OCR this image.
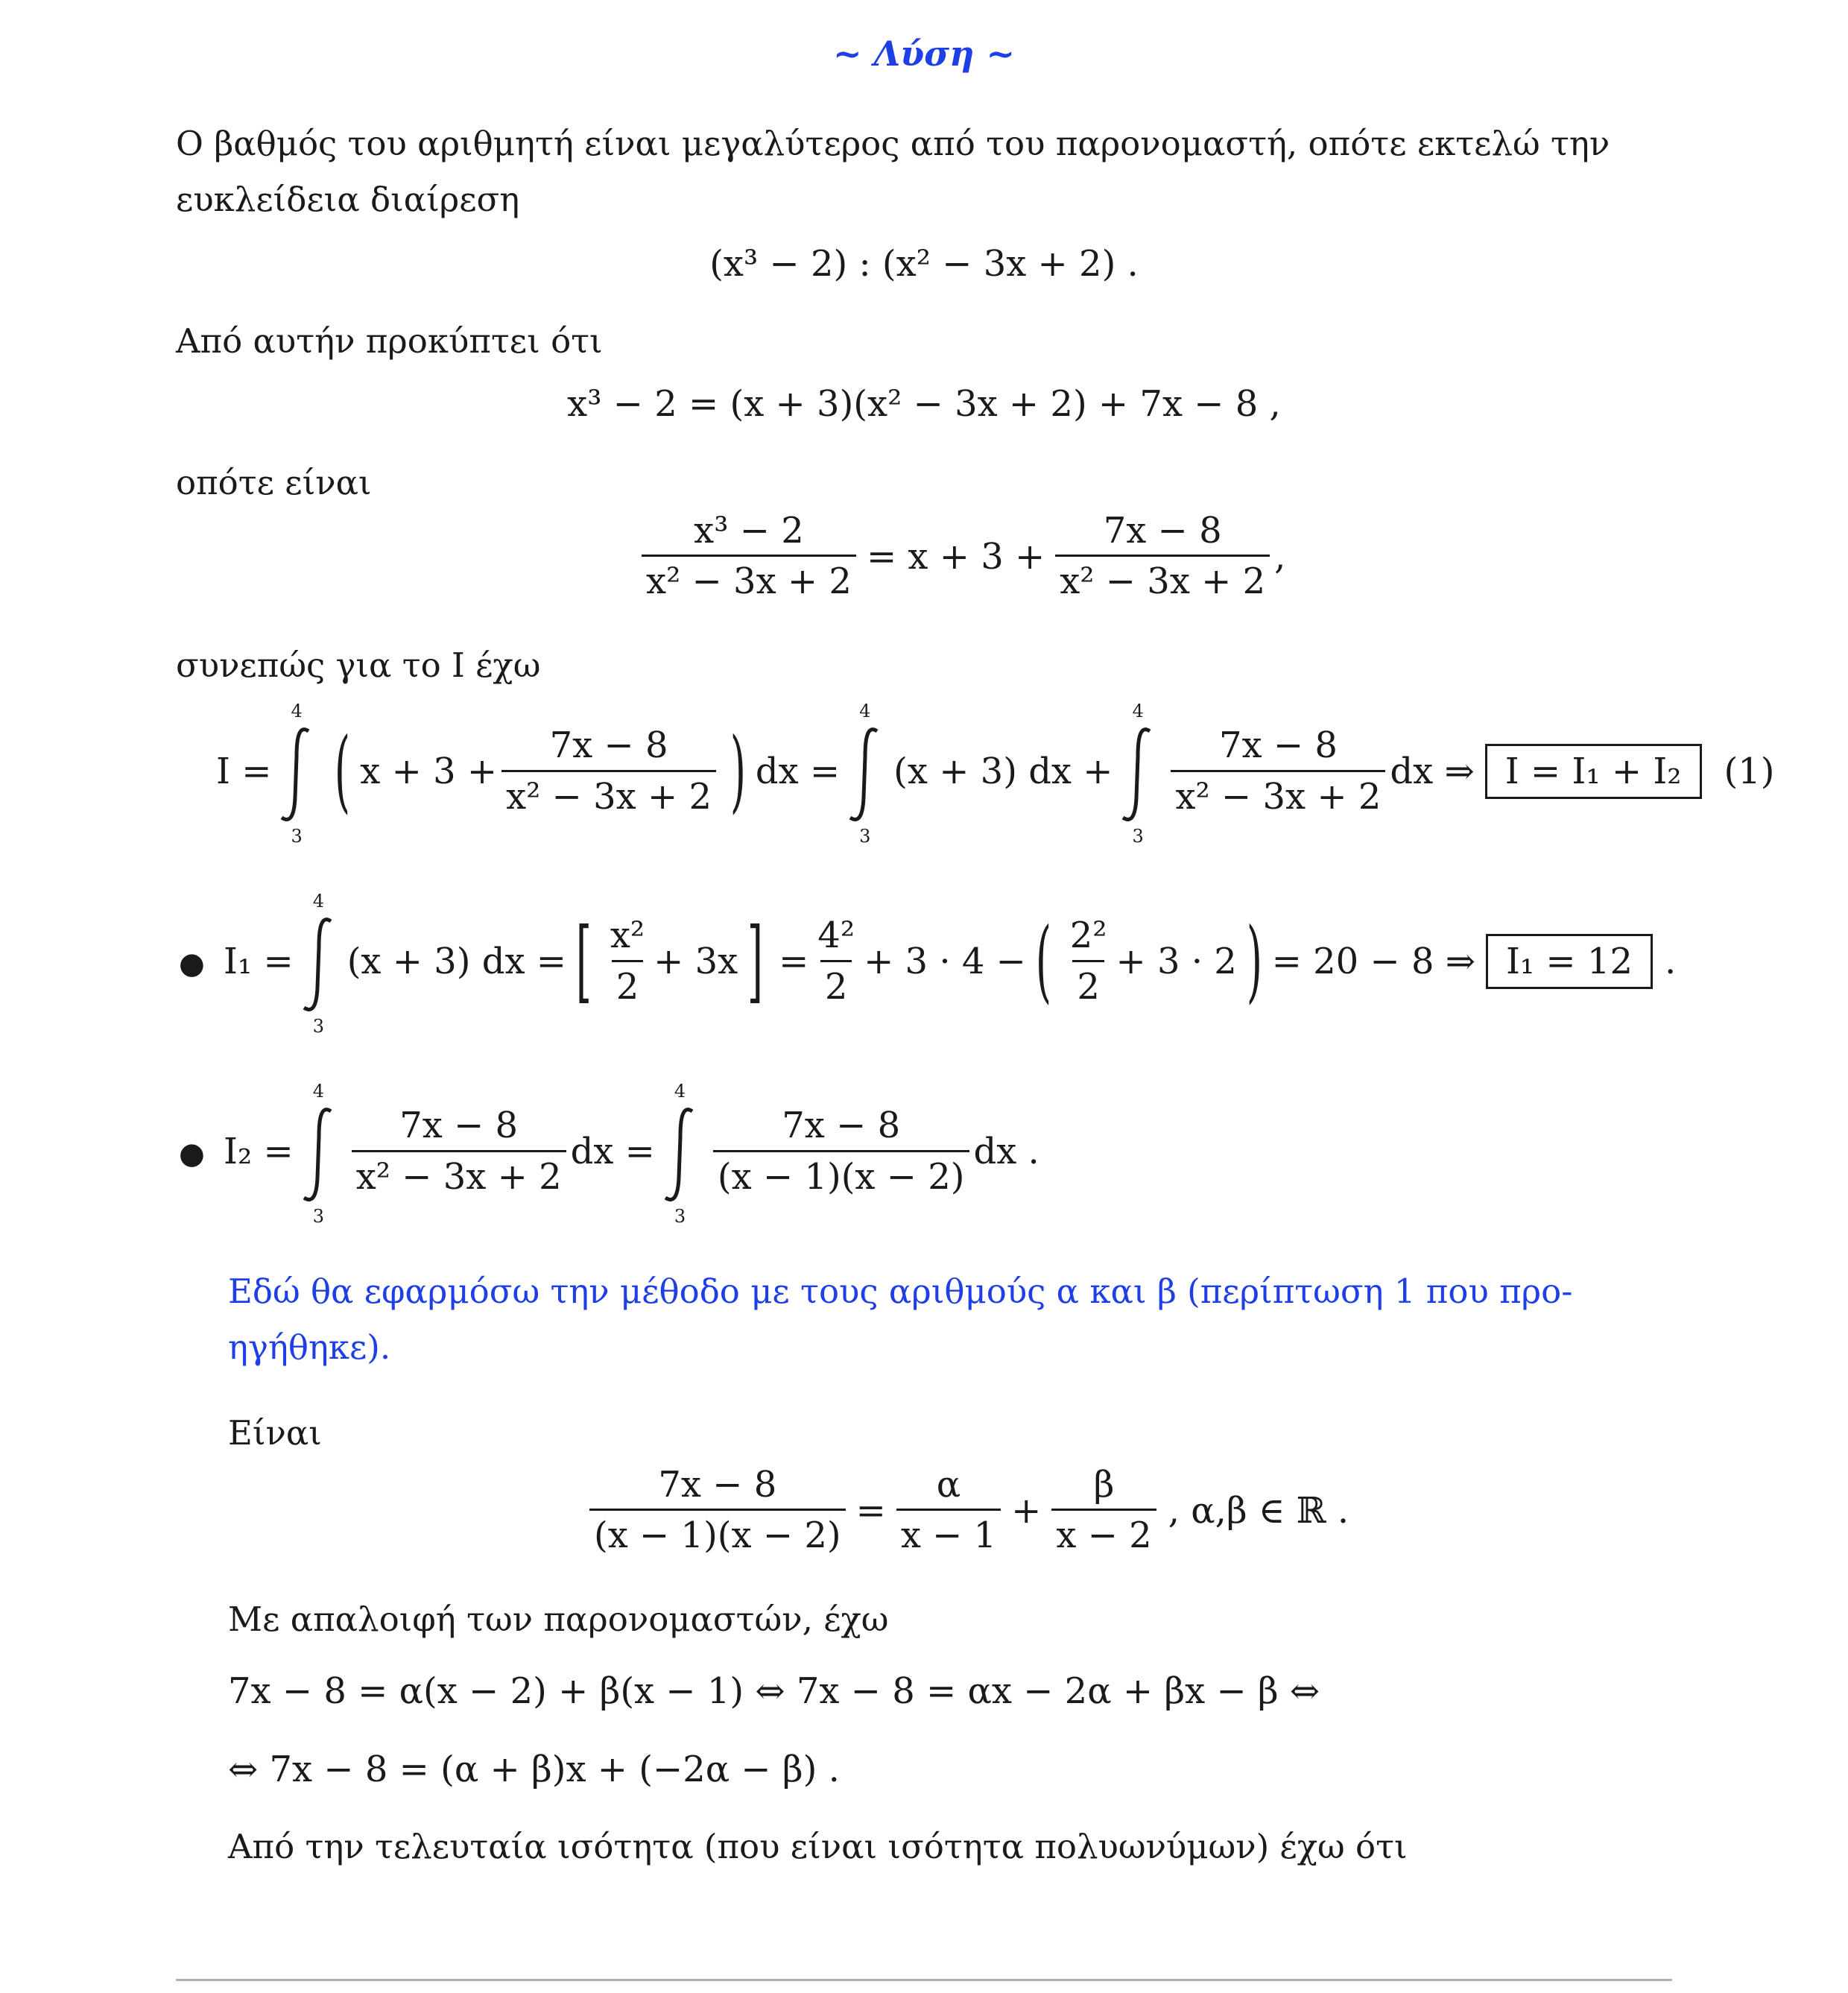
~ Λύση ~
Ο βαθμός του αριθμητή είναι μεγαλύτερος από του παρονομαστή, οπότε εκτελώ την
ευκλείδεια διαίρεση
(x³ − 2) : (x² − 3x + 2) .
Από αυτήν προκύπτει ότι
x³ − 2 = (x + 3)(x² − 3x + 2) + 7x − 8 ,
οπότε είναι
$\frac{\text{x³ − 2}}{\text{x² − 3x + 2}} = x + 3 + \frac{7x - 8}{\text{x² − 3x + 2}}$ ,
συνεπώς για το Ι έχω
I =
4
3
( $x + 3 + \frac{7x - 8}{\text{x² − 3x + 2}}$ ) dx =
4
3
(x + 3) dx +
4
3
$\frac{7x - 8}{\text{x² − 3x + 2}}$ dx ⇒ I = I₁ + I₂	(1)
● I₁ =
4
3
(x + 3) dx = [ $\frac{\text{x²}}{2} + 3x$ ] = $\frac{\text{4²}}{2} + 3 \cdot 4$ − ( $\frac{\text{2²}}{2} + 3 \cdot 2$ ) = 20 − 8 ⇒ I₁ = 12 .
● I₂ =
4
3
$\frac{7x - 8}{\text{x² − 3x + 2}}$ dx =
4
3
$\frac{7x - 8}{(x - 1)(x - 2)}$ dx .
Εδώ θα εφαρμόσω την μέθοδο με τους αριθμούς α και β (περίπτωση 1 που προ-
ηγήθηκε).
Είναι
$\frac{7x - 8}{(x - 1)(x - 2)} = \frac{\alpha}{x - 1} + \frac{\beta}{x - 2}$ , α,β ∈ ℝ .
Με απαλοιφή των παρονομαστών, έχω
7x − 8 = α(x − 2) + β(x − 1) ⇔ 7x − 8 = αx − 2α + βx − β ⇔
⇔ 7x − 8 = (α + β)x + (−2α − β) .
Από την τελευταία ισότητα (που είναι ισότητα πολυωνύμων) έχω ότι
